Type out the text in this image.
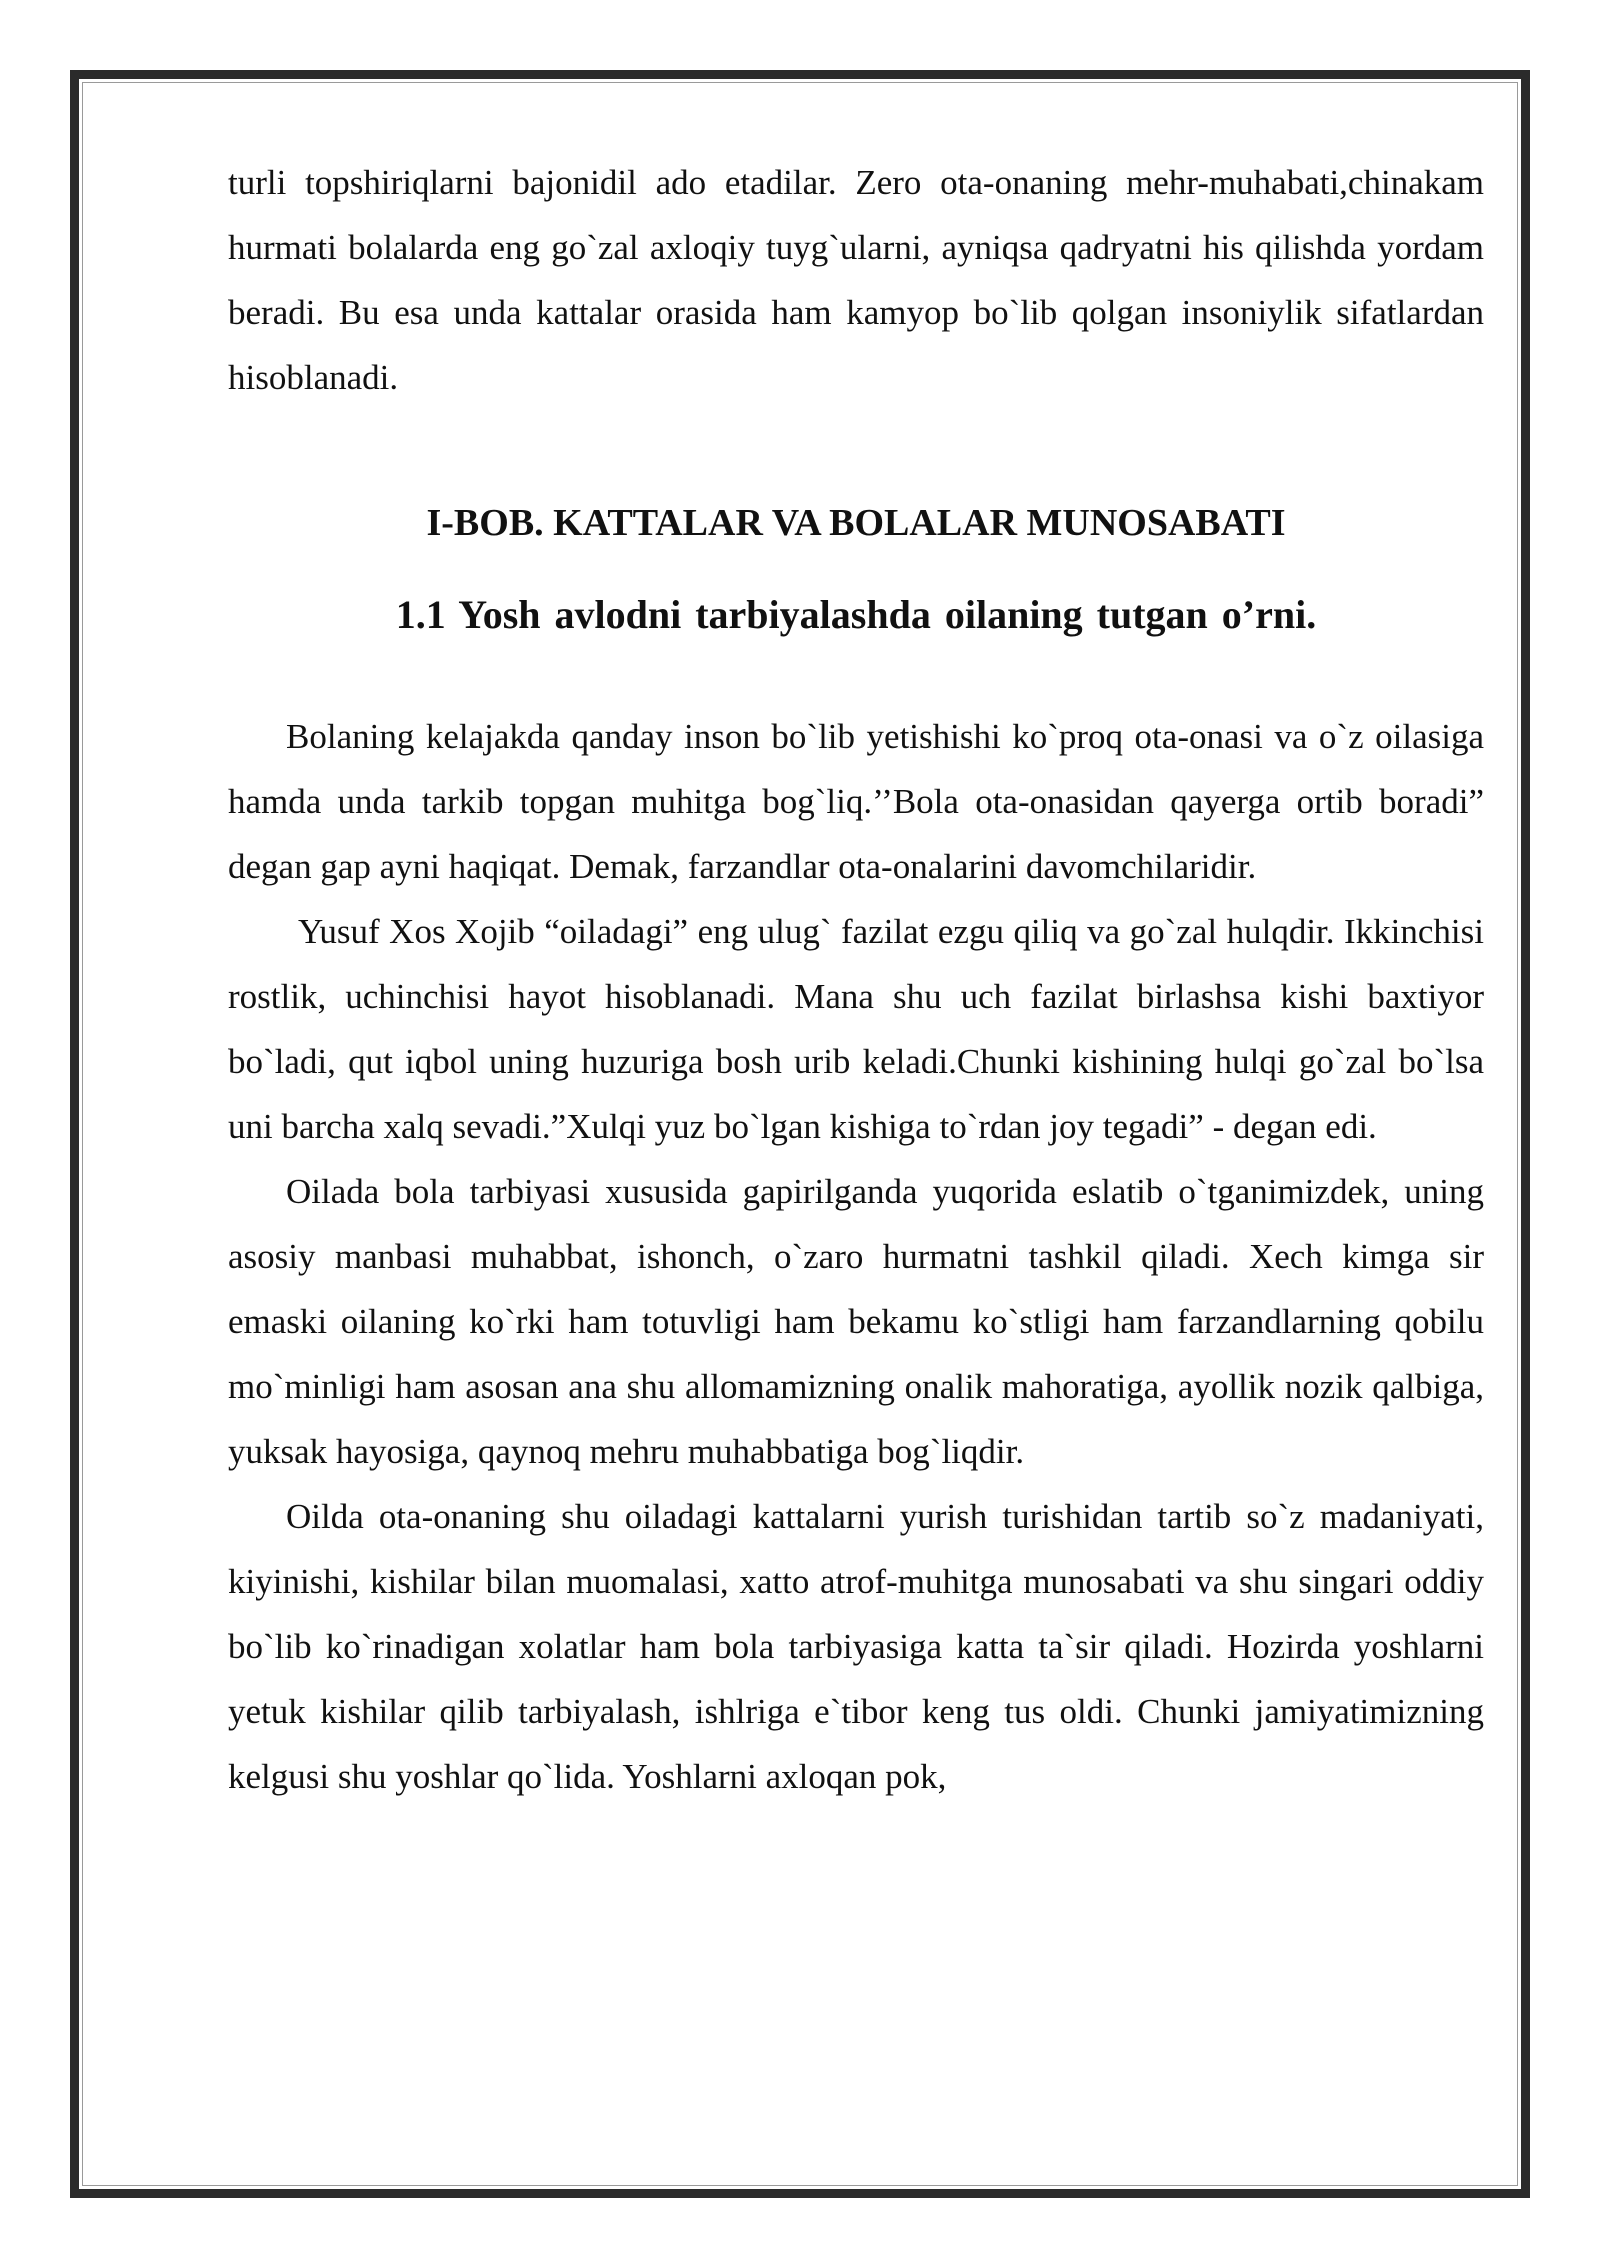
turli topshiriqlarni bajonidil ado etadilar. Zero ota-onaning mehr-muhabati,chinakam hurmati bolalarda eng go`zal axloqiy tuyg`ularni, ayniqsa qadryatni his qilishda yordam beradi. Bu esa unda kattalar orasida ham kamyop bo`lib qolgan insoniylik sifatlardan hisoblanadi.

I-BOB. KATTALAR VA BOLALAR MUNOSABATI
1.1 Yosh avlodni tarbiyalashda oilaning tutgan o’rni.

Bolaning kelajakda qanday inson bo`lib yetishishi ko`proq ota-onasi va o`z oilasiga hamda unda tarkib topgan muhitga bog`liq.’’Bola ota-onasidan qayerga ortib boradi” degan gap ayni haqiqat. Demak, farzandlar ota-onalarini davomchilaridir.

Yusuf Xos Xojib “oiladagi” eng ulug` fazilat ezgu qiliq va go`zal hulqdir. Ikkinchisi rostlik, uchinchisi hayot hisoblanadi. Mana shu uch fazilat birlashsa kishi baxtiyor bo`ladi, qut iqbol uning huzuriga bosh urib keladi.Chunki kishining hulqi go`zal bo`lsa uni barcha xalq sevadi.”Xulqi yuz bo`lgan kishiga to`rdan joy tegadi” - degan edi.

Oilada bola tarbiyasi xususida gapirilganda yuqorida eslatib o`tganimizdek, uning asosiy manbasi muhabbat, ishonch, o`zaro hurmatni tashkil qiladi. Xech kimga sir emaski oilaning ko`rki ham totuvligi ham bekamu ko`stligi ham farzandlarning qobilu mo`minligi ham asosan ana shu allomamizning onalik mahoratiga, ayollik nozik qalbiga, yuksak hayosiga, qaynoq mehru muhabbatiga bog`liqdir.

Oilda ota-onaning shu oiladagi kattalarni yurish turishidan tartib so`z madaniyati, kiyinishi, kishilar bilan muomalasi, xatto atrof-muhitga munosabati va shu singari oddiy bo`lib ko`rinadigan xolatlar ham bola tarbiyasiga katta ta`sir qiladi. Hozirda yoshlarni yetuk kishilar qilib tarbiyalash, ishlriga e`tibor keng tus oldi. Chunki jamiyatimizning kelgusi shu yoshlar qo`lida. Yoshlarni axloqan pok,
